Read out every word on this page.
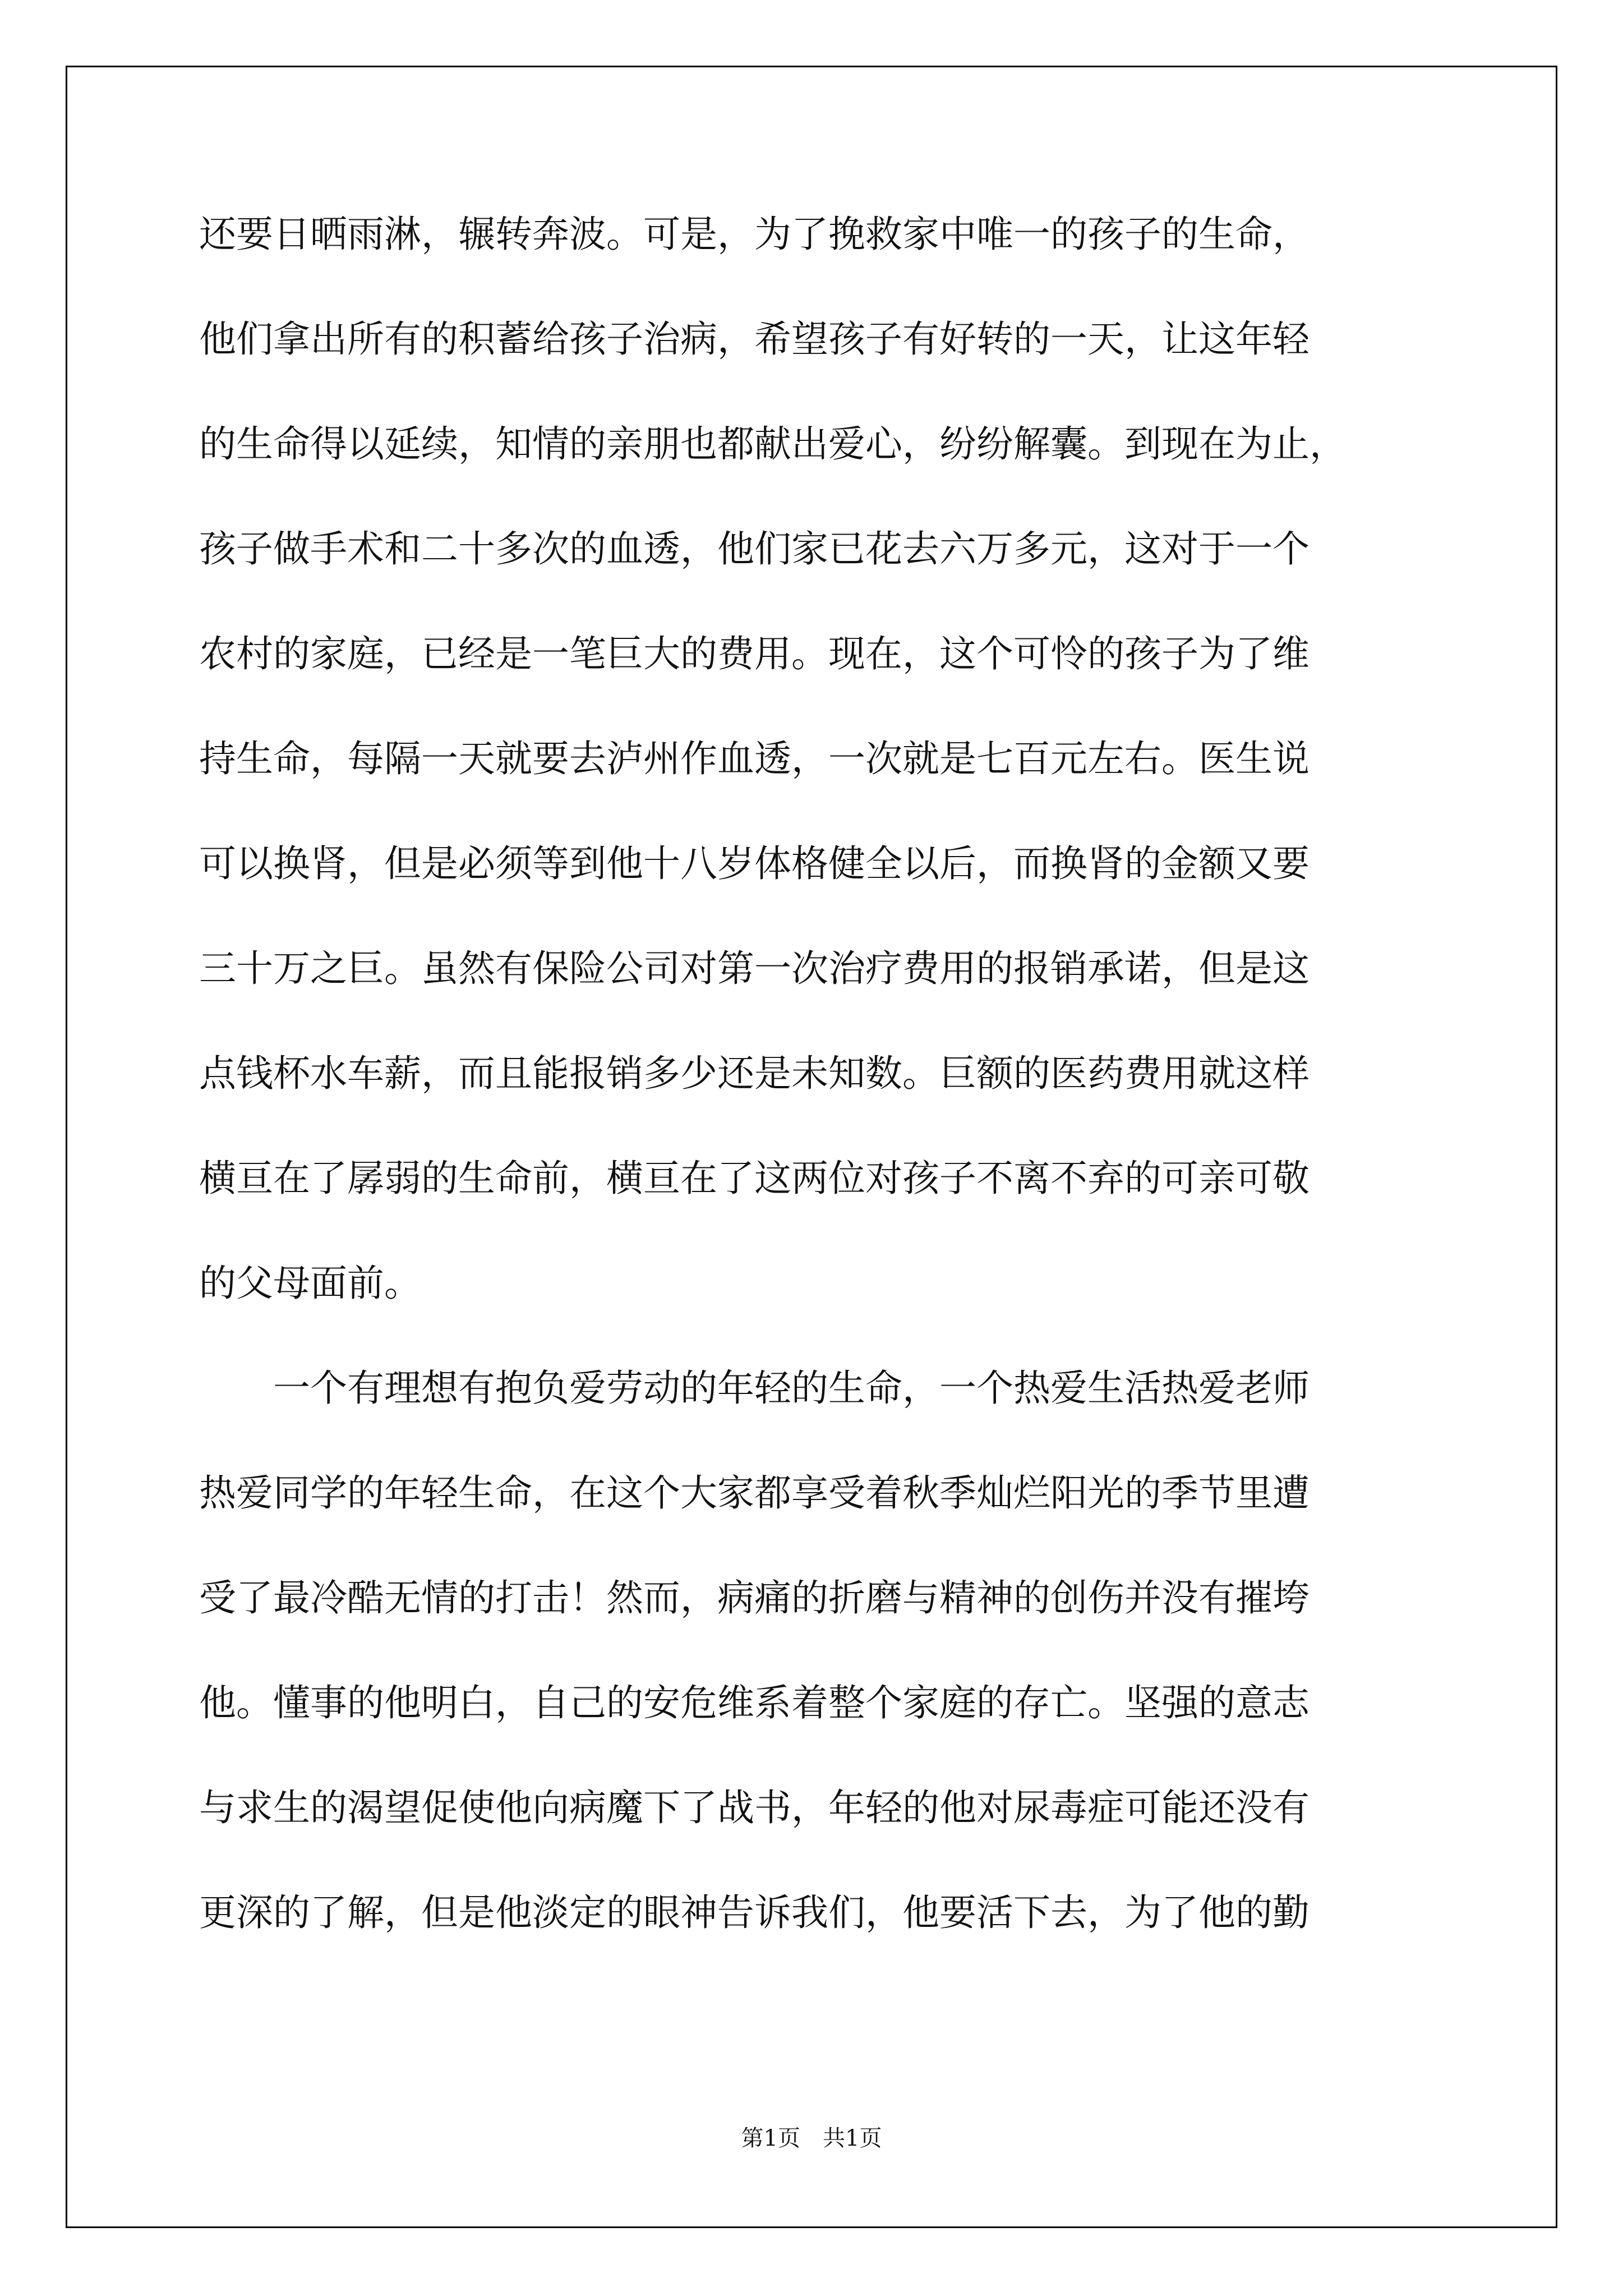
还要日晒雨淋，辗转奔波。可是，为了挽救家中唯一的孩子的生命，
他们拿出所有的积蓄给孩子治病，希望孩子有好转的一天，让这年轻
的生命得以延续，知情的亲朋也都献出爱心，纷纷解囊。到现在为止，
孩子做手术和二十多次的血透，他们家已花去六万多元，这对于一个
农村的家庭，已经是一笔巨大的费用。现在，这个可怜的孩子为了维
持生命，每隔一天就要去泸州作血透，一次就是七百元左右。医生说
可以换肾，但是必须等到他十八岁体格健全以后，而换肾的金额又要
三十万之巨。虽然有保险公司对第一次治疗费用的报销承诺，但是这
点钱杯水车薪，而且能报销多少还是未知数。巨额的医药费用就这样
横亘在了孱弱的生命前，横亘在了这两位对孩子不离不弃的可亲可敬
的父母面前。
　　一个有理想有抱负爱劳动的年轻的生命，一个热爱生活热爱老师
热爱同学的年轻生命，在这个大家都享受着秋季灿烂阳光的季节里遭
受了最冷酷无情的打击！然而，病痛的折磨与精神的创伤并没有摧垮
他。懂事的他明白，自己的安危维系着整个家庭的存亡。坚强的意志
与求生的渴望促使他向病魔下了战书，年轻的他对尿毒症可能还没有
更深的了解，但是他淡定的眼神告诉我们，他要活下去，为了他的勤
第1页　共1页
